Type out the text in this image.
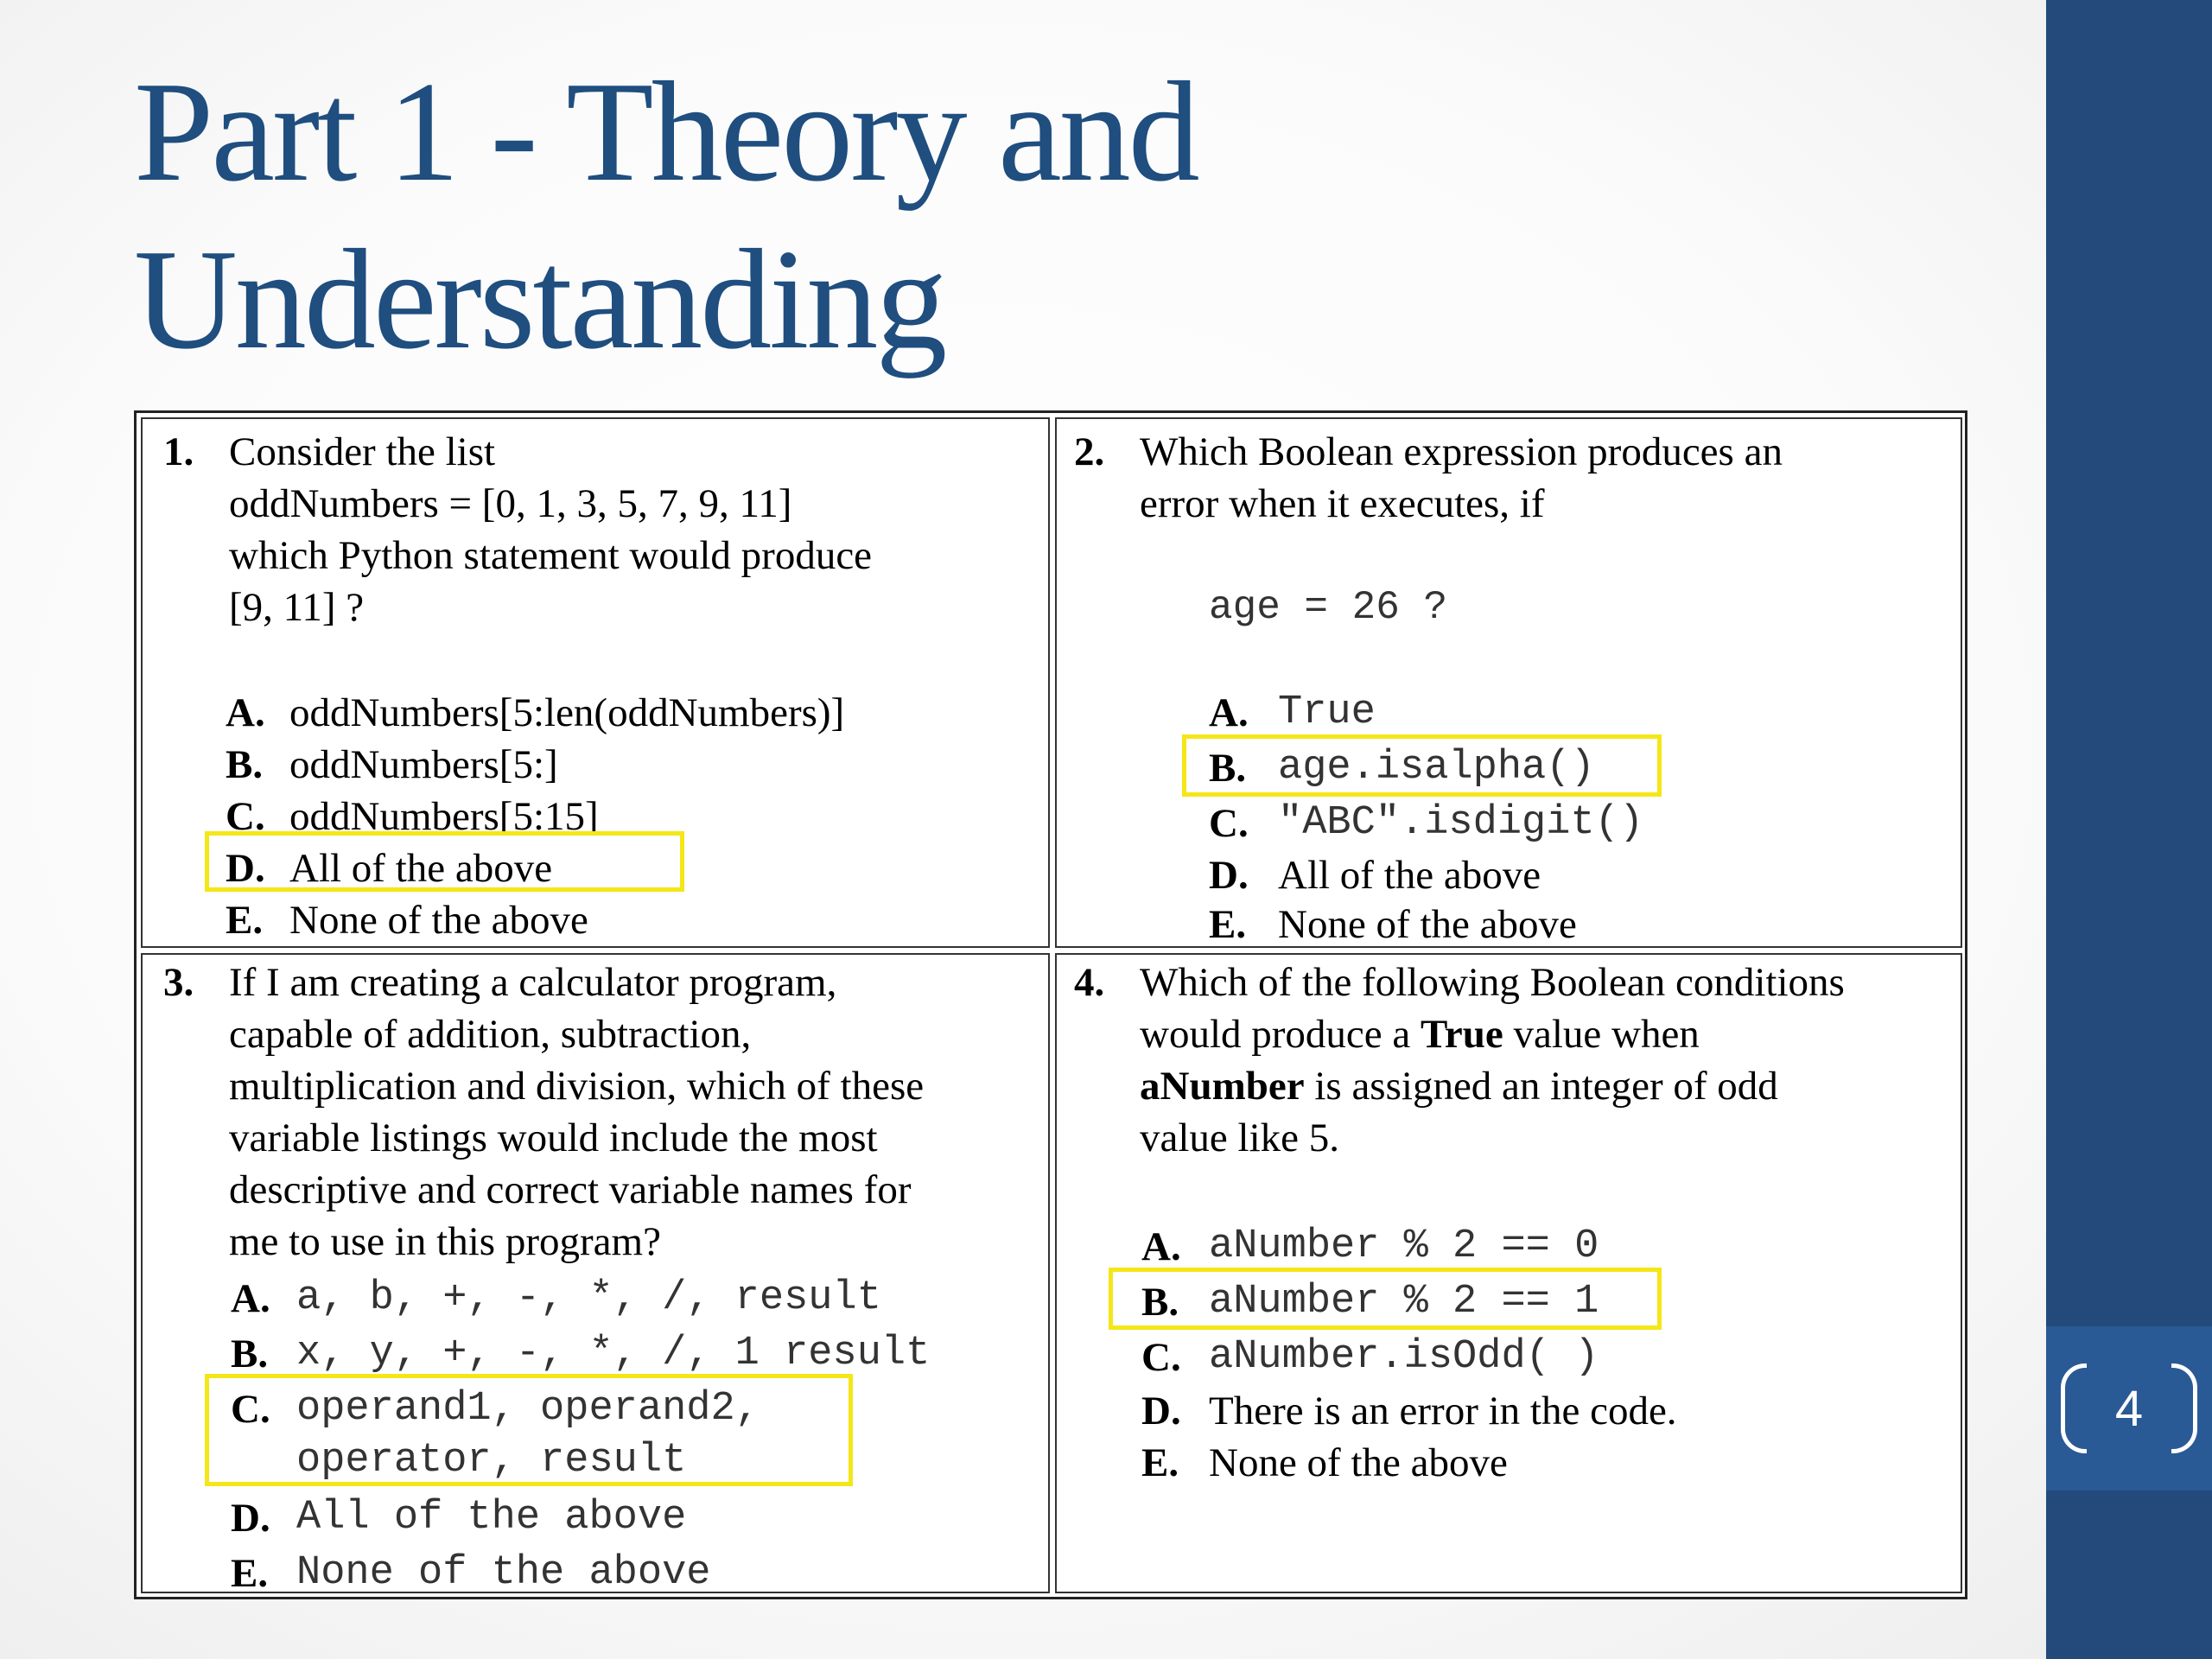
4
Part 1 - Theory and Understanding
1. Consider the list
oddNumbers = [0, 1, 3, 5, 7, 9, 11]
which Python statement would produce
[9, 11] ?
A. oddNumbers[5:len(oddNumbers)]
B. oddNumbers[5:]
C. oddNumbers[5:15]
D. All of the above
E. None of the above
2. Which Boolean expression produces an
error when it executes, if
age = 26 ?
A. True
B. age.isalpha()
C. "ABC".isdigit()
D. All of the above
E. None of the above
3. If I am creating a calculator program,
capable of addition, subtraction,
multiplication and division, which of these
variable listings would include the most
descriptive and correct variable names for
me to use in this program?
A. a, b, +, -, *, /, result
B. x, y, +, -, *, /, 1 result
C. operand1, operand2,
operator, result
D. All of the above
E. None of the above
4. Which of the following Boolean conditions
would produce a True value when
aNumber is assigned an integer of odd
value like 5.
A. aNumber % 2 == 0
B. aNumber % 2 == 1
C. aNumber.isOdd( )
D. There is an error in the code.
E. None of the above
